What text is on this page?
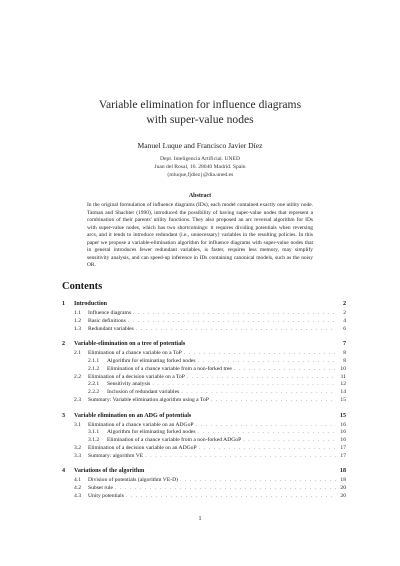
Variable elimination for influence diagrams
with super-value nodes
Manuel Luque and Francisco Javier Díez
Dept. Inteligencia Artificial. UNED
Juan del Rosal, 16. 28040 Madrid. Spain
{mluque,fjdiez}@dia.uned.es
Abstract
In the original formulation of influence diagrams (IDs), each model contained exactly one utility node. Tatman and Shachter (1990), introduced the possibility of having super-value nodes that represent a combination of their parents' utility functions. They also proposed an arc reversal algorithm for IDs with super-value nodes, which has two shortcomings: it requires dividing potentials when reversing arcs, and it tends to introduce redundant (i.e., unnecessary) variables in the resulting policies. In this paper we propose a variable-elimination algorithm for influence diagrams with super-value nodes that in general introduces fewer redundant variables, is faster, requires less memory, may simplify sensitivity analysis, and can speed-up inference in IDs containing canonical models, such as the noisy OR.
Contents
1	Introduction	2
1.1	Influence diagrams . . .	2
1.2	Basic definitions . . .	4
1.3	Redundant variables . . .	6
2	Variable-elimination on a tree of potentials	7
2.1	Elimination of a chance variable on a ToP . . .	8
2.1.1	Algorithm for eliminating forked nodes . . .	8
2.1.2	Elimination of a chance variable from a non-forked tree . . .	10
2.2	Elimination of a decision variable on a ToP . . .	11
2.2.1	Sensitivity analysis . . .	12
2.2.2	Inclusion of redundant variables . . .	14
2.3	Summary: Variable elimination algorithm using a ToP . . .	15
3	Variable elimination on an ADG of potentials	15
3.1	Elimination of a chance variable on an ADGoP . . .	16
3.1.1	Algorithm for eliminating forked nodes . . .	16
3.1.2	Elimination of a chance variable from a non-forked ADGoP . . .	16
3.2	Elimination of a decision variable on an ADGoP . . .	17
3.3	Summary: algorithm VE . . .	17
4	Variations of the algorithm	18
4.1	Division of potentials (algorithm VE-D) . . .	18
4.2	Subset rule . . .	20
4.3	Unity potentials . . .	20
1
